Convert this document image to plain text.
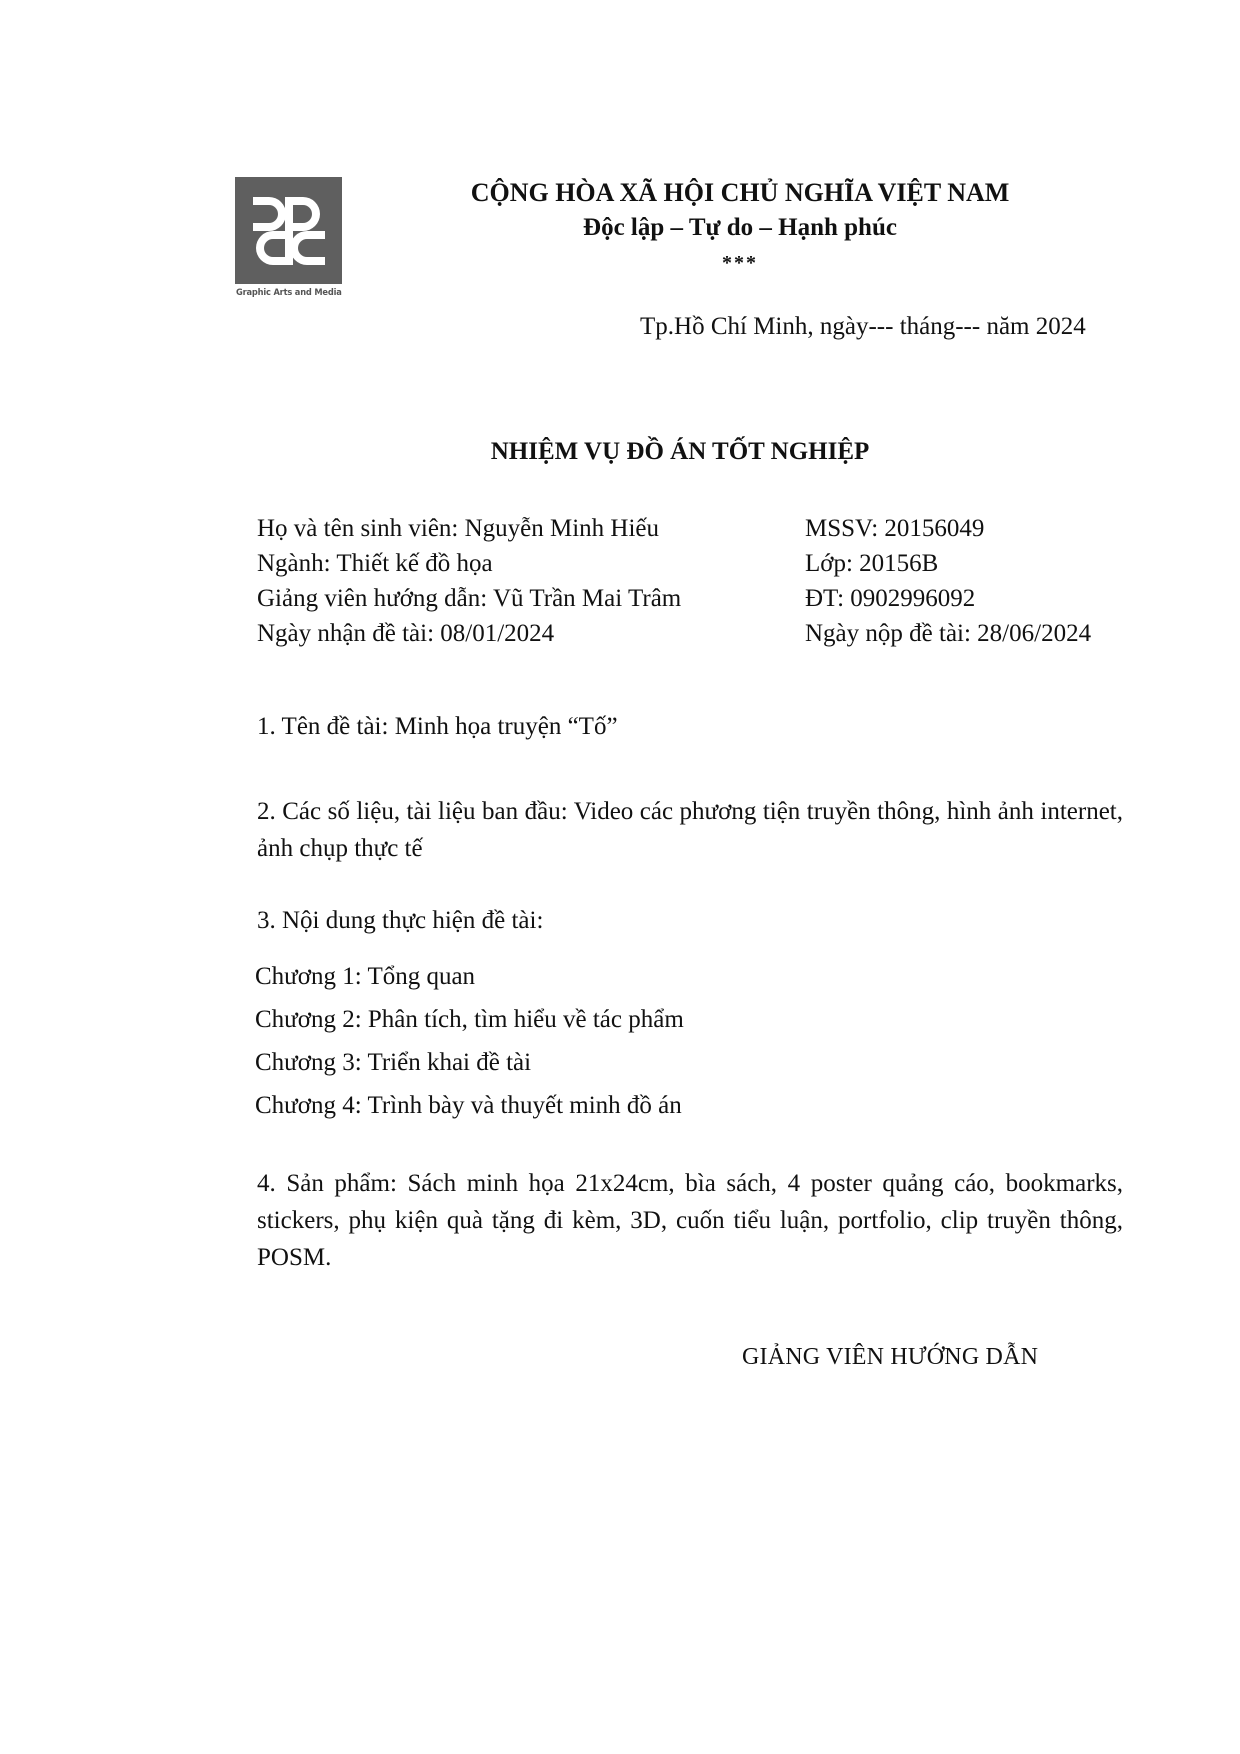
Graphic Arts and Media
CỘNG HÒA XÃ HỘI CHỦ NGHĨA VIỆT NAM
Độc lập – Tự do – Hạnh phúc
***
Tp.Hồ Chí Minh, ngày--- tháng--- năm 2024
NHIỆM VỤ ĐỒ ÁN TỐT NGHIỆP
Họ và tên sinh viên: Nguyễn Minh Hiếu
Ngành: Thiết kế đồ họa
Giảng viên hướng dẫn: Vũ Trần Mai Trâm
Ngày nhận đề tài: 08/01/2024
MSSV: 20156049
Lớp: 20156B
ĐT: 0902996092
Ngày nộp đề tài: 28/06/2024
1. Tên đề tài: Minh họa truyện “Tố”
2. Các số liệu, tài liệu ban đầu: Video các phương tiện truyền thông, hình ảnh internet, ảnh chụp thực tế
3. Nội dung thực hiện đề tài:
Chương 1: Tổng quan
Chương 2: Phân tích, tìm hiểu về tác phẩm
Chương 3: Triển khai đề tài
Chương 4: Trình bày và thuyết minh đồ án
4. Sản phẩm: Sách minh họa 21x24cm, bìa sách, 4 poster quảng cáo, bookmarks, stickers, phụ kiện quà tặng đi kèm, 3D, cuốn tiểu luận, portfolio, clip truyền thông, POSM.
GIẢNG VIÊN HƯỚNG DẪN
